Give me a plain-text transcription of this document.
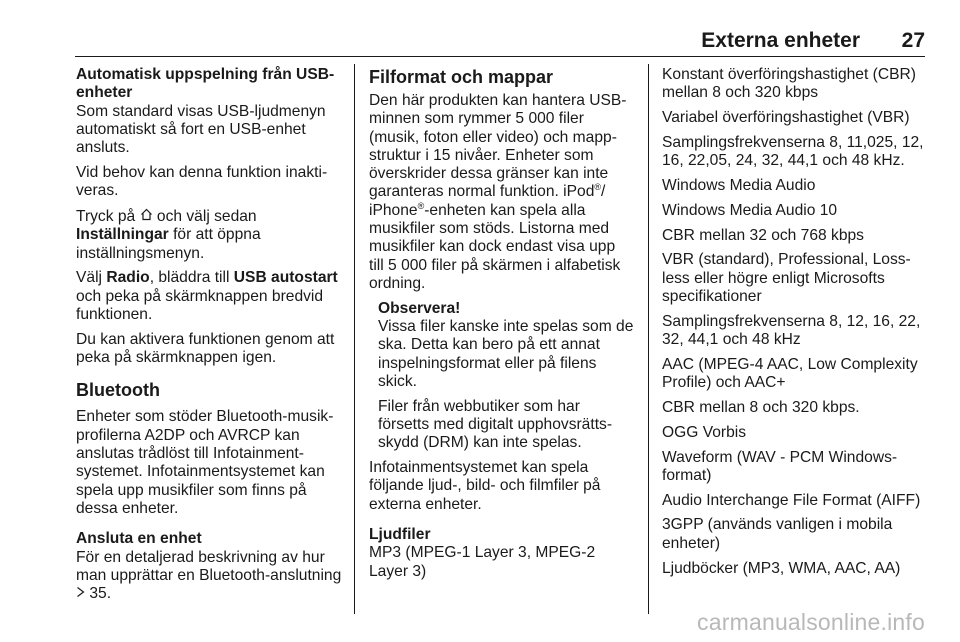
Externa enheter 27

Automatisk uppspelning från USB-enheter

Som standard visas USB-ljudmenyn automatiskt så fort en USB-enhet ansluts.

Vid behov kan denna funktion inaktiveras.

Tryck på och välj sedan
Inställningar för att öppna inställningsmenyn.

Välj Radio, bläddra till USB autostart och peka på skärmknappen bredvid funktionen.

Du kan aktivera funktionen genom att peka på skärmknappen igen.

Bluetooth

Enheter som stöder Bluetooth-musikprofilerna A2DP och AVRCP kan anslutas trådlöst till Infotainmentsystemet. Infotainmentsystemet kan spela upp musikfiler som finns på dessa enheter.

Ansluta en enhet

För en detaljerad beskrivning av hur man upprättar en Bluetooth-anslutning  35.

Filformat och mappar

Den här produkten kan hantera USB-minnen som rymmer 5 000 filer (musik, foton eller video) och mappstruktur i 15 nivåer. Enheter som överskrider dessa gränser kan inte garanteras normal funktion. iPod®/ iPhone®-enheten kan spela alla musikfiler som stöds. Listorna med musikfiler kan dock endast visa upp till 5 000 filer på skärmen i alfabetisk ordning.

Observera!

Vissa filer kanske inte spelas som de ska. Detta kan bero på ett annat inspelningsformat eller på filens skick.

Filer från webbutiker som har försetts med digitalt upphovsrättsskydd (DRM) kan inte spelas.

Infotainmentsystemet kan spela följande ljud-, bild- och filmfiler på externa enheter.

Ljudfiler

MP3 (MPEG-1 Layer 3, MPEG-2 Layer 3)

Konstant överföringshastighet (CBR) mellan 8 och 320 kbps

Variabel överföringshastighet (VBR)

Samplingsfrekvenserna 8, 11,025, 12, 16, 22,05, 24, 32, 44,1 och 48 kHz.

Windows Media Audio

Windows Media Audio 10

CBR mellan 32 och 768 kbps

VBR (standard), Professional, Lossless eller högre enligt Microsofts specifikationer

Samplingsfrekvenserna 8, 12, 16, 22, 32, 44,1 och 48 kHz

AAC (MPEG-4 AAC, Low Complexity Profile) och AAC+

CBR mellan 8 och 320 kbps.

OGG Vorbis

Waveform (WAV - PCM Windows-format)

Audio Interchange File Format (AIFF)

3GPP (används vanligen i mobila enheter)

Ljudböcker (MP3, WMA, AAC, AA)

carmanualsonline.info
